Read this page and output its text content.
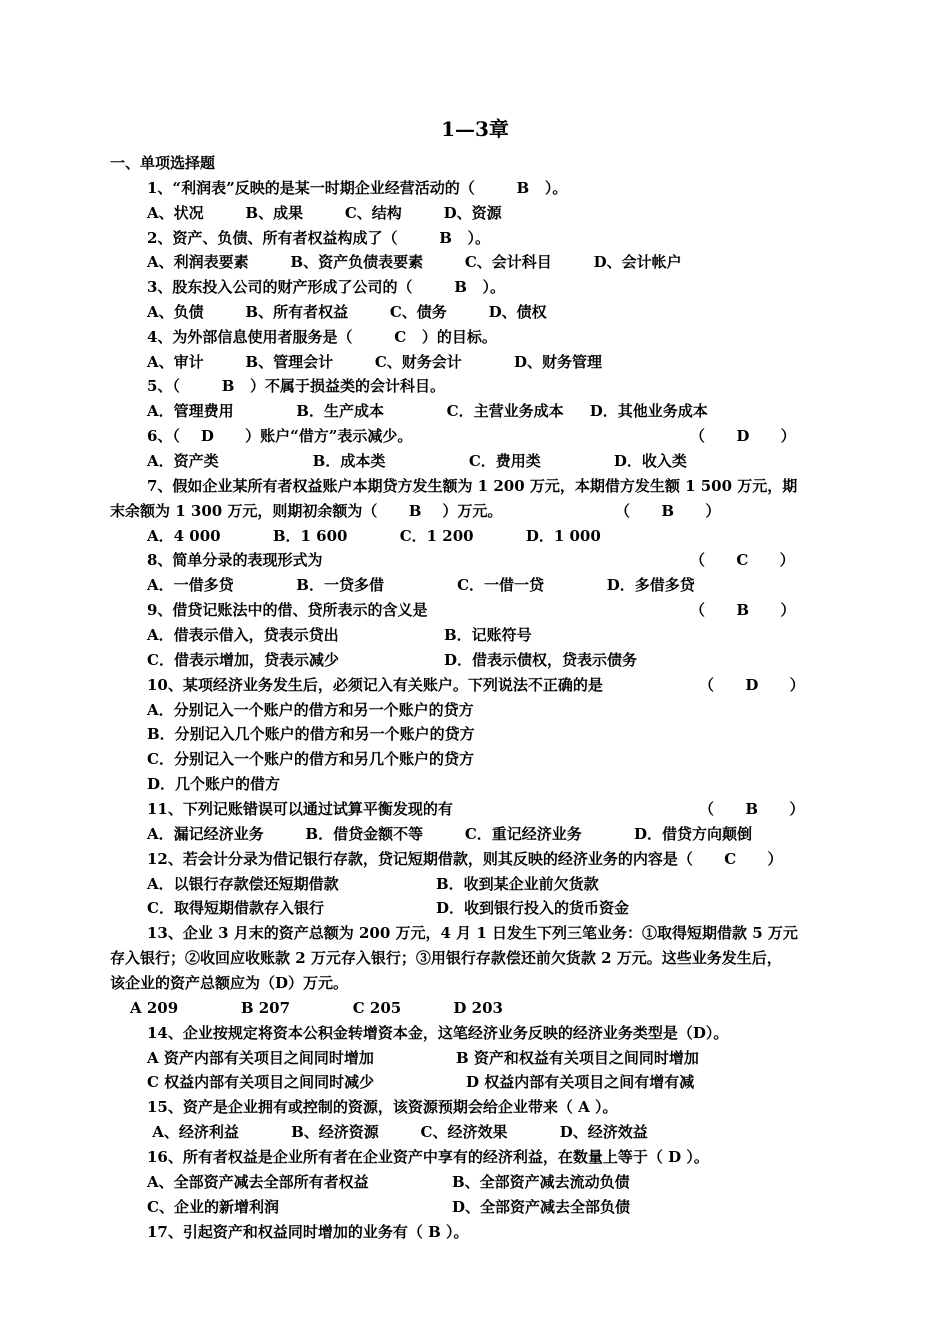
1—3章
一、单项选择题
1、“利润表”反映的是某一时期企业经营活动的（        B   ）。
A、状况        B、成果        C、结构        D、资源
2、资产、负债、所有者权益构成了（        B   ）。
A、利润表要素        B、资产负债表要素        C、会计科目        D、会计帐户
3、股东投入公司的财产形成了公司的（        B   ）。
A、负债        B、所有者权益        C、债务        D、债权
4、为外部信息使用者服务是（        C   ）的目标。
A、审计        B、管理会计        C、财务会计          D、财务管理
5、（        B   ）不属于损益类的会计科目。
A．管理费用            B．生产成本            C．主营业务成本     D．其他业务成本
6、（    D      ）账户“借方”表示减少。	（      D      ）
A．资产类                  B．成本类                C．费用类              D．收入类
7、假如企业某所有者权益账户本期贷方发生额为 1 200 万元，本期借方发生额 1 500 万元，期
末余额为 1 300 万元，则期初余额为（      B    ）万元。	（      B      ）
A．4 000          B．1 600          C．1 200          D．1 000
8、简单分录的表现形式为	（      C      ）
A．一借多贷            B．一贷多借              C．一借一贷            D．多借多贷
9、借贷记账法中的借、贷所表示的含义是	（      B      ）
A．借表示借入，贷表示贷出	B．记账符号
C．借表示增加，贷表示减少	D．借表示债权，贷表示债务
10、某项经济业务发生后，必须记入有关账户。下列说法不正确的是	（      D      ）
A．分别记入一个账户的借方和另一个账户的贷方
B．分别记入几个账户的借方和另一个账户的贷方
C．分别记入一个账户的借方和另几个账户的贷方
D．几个账户的借方
11、下列记账错误可以通过试算平衡发现的有	（      B      ）
A．漏记经济业务        B．借贷金额不等        C．重记经济业务          D．借贷方向颠倒
12、若会计分录为借记银行存款，贷记短期借款，则其反映的经济业务的内容是（      C      ）
A．以银行存款偿还短期借款	B．收到某企业前欠货款
C．取得短期借款存入银行	D．收到银行投入的货币资金
13、企业 3 月末的资产总额为 200 万元，4 月 1 日发生下列三笔业务：①取得短期借款 5 万元
存入银行；②收回应收账款 2 万元存入银行；③用银行存款偿还前欠货款 2 万元。这些业务发生后，
该企业的资产总额应为（D）万元。
A 209            B 207            C 205          D 203
14、企业按规定将资本公积金转增资本金，这笔经济业务反映的经济业务类型是（D）。
A 资产内部有关项目之间同时增加	B 资产和权益有关项目之间同时增加
C 权益内部有关项目之间同时减少	D 权益内部有关项目之间有增有减
15、资产是企业拥有或控制的资源，该资源预期会给企业带来（ A ）。
A、经济利益          B、经济资源        C、经济效果          D、经济效益
16、所有者权益是企业所有者在企业资产中享有的经济利益，在数量上等于（ D ）。
A、全部资产减去全部所有者权益	B、全部资产减去流动负债
C、企业的新增利润	D、全部资产减去全部负债
17、引起资产和权益同时增加的业务有（ B ）。
